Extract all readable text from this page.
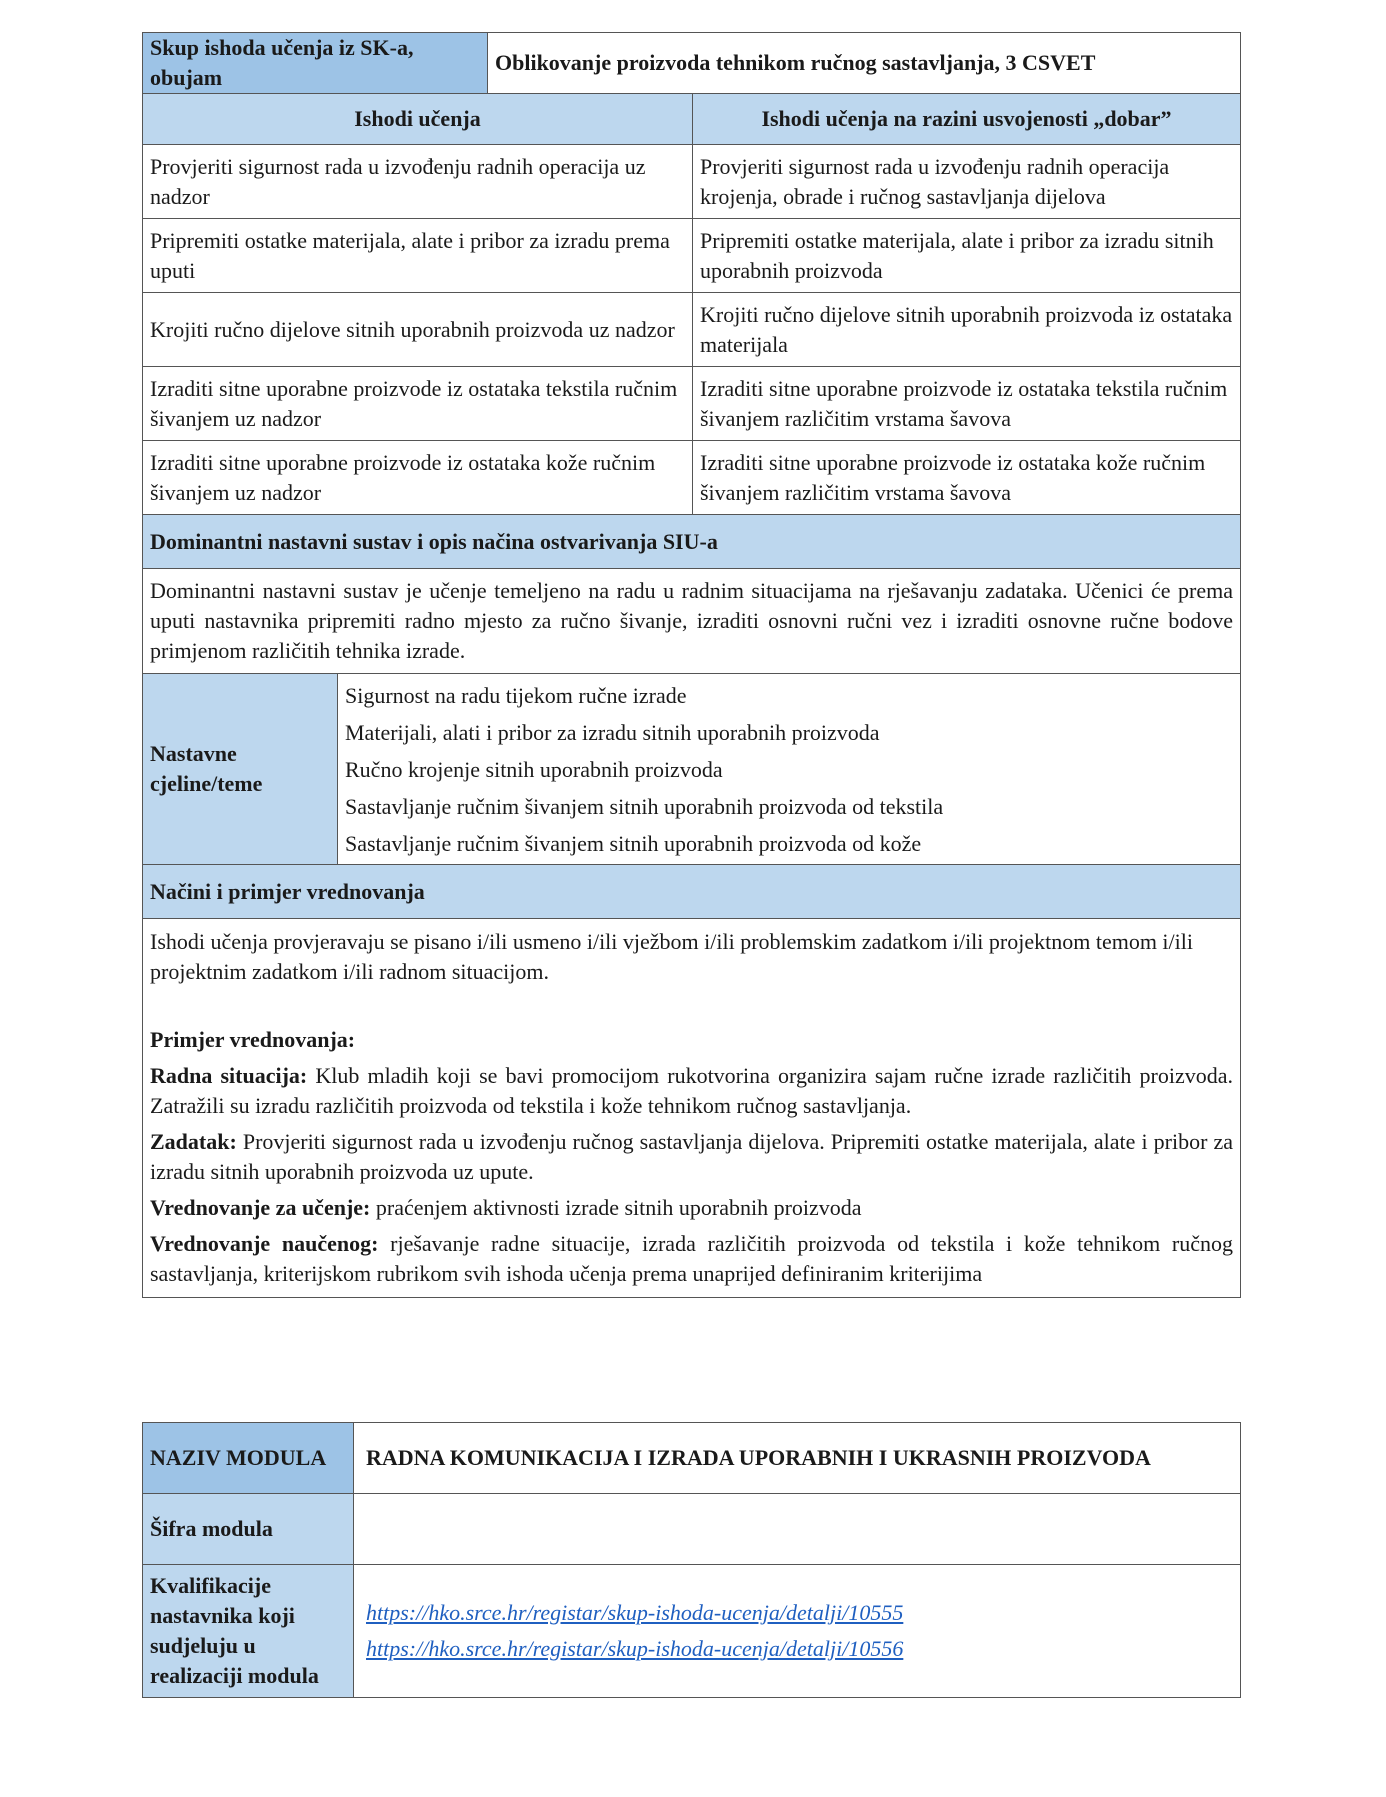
Skup ishoda učenja iz SK-a, obujam		Oblikovanje proizvoda tehnikom ručnog sastavljanja, 3 CSVET	
Ishodi učenja			Ishodi učenja na razini usvojenosti „dobar”
Provjeriti sigurnost rada u izvođenju radnih operacija uz nadzor			Provjeriti sigurnost rada u izvođenju radnih operacija krojenja, obrade i ručnog sastavljanja dijelova
Pripremiti ostatke materijala, alate i pribor za izradu prema uputi			Pripremiti ostatke materijala, alate i pribor za izradu sitnih uporabnih proizvoda
Krojiti ručno dijelove sitnih uporabnih proizvoda uz nadzor			Krojiti ručno dijelove sitnih uporabnih proizvoda iz ostataka materijala
Izraditi sitne uporabne proizvode iz ostataka tekstila ručnim šivanjem uz nadzor			Izraditi sitne uporabne proizvode iz ostataka tekstila ručnim šivanjem različitim vrstama šavova
Izraditi sitne uporabne proizvode iz ostataka kože ručnim šivanjem uz nadzor			Izraditi sitne uporabne proizvode iz ostataka kože ručnim šivanjem različitim vrstama šavova
Dominantni nastavni sustav i opis načina ostvarivanja SIU-a			
Dominantni nastavni sustav je učenje temeljeno na radu u radnim situacijama na rješavanju zadataka. Učenici će prema uputi nastavnika pripremiti radno mjesto za ručno šivanje, izraditi osnovni ručni vez i izraditi osnovne ručne bodove primjenom različitih tehnika izrade.			
Nastavne cjeline/teme	Sigurnost na radu tijekom ručne izrade
Materijali, alati i pribor za izradu sitnih uporabnih proizvoda
Ručno krojenje sitnih uporabnih proizvoda
Sastavljanje ručnim šivanjem sitnih uporabnih proizvoda od tekstila
Sastavljanje ručnim šivanjem sitnih uporabnih proizvoda od kože		

Načini i primjer vrednovanja			

Ishodi učenja provjeravaju se pisano i/ili usmeno i/ili vježbom i/ili problemskim zadatkom i/ili projektnom temom i/ili projektnim zadatkom i/ili radnom situacijom.

Primjer vrednovanja:

Radna situacija: Klub mladih koji se bavi promocijom rukotvorina organizira sajam ručne izrade različitih proizvoda. Zatražili su izradu različitih proizvoda od tekstila i kože tehnikom ručnog sastavljanja.

Zadatak: Provjeriti sigurnost rada u izvođenju ručnog sastavljanja dijelova. Pripremiti ostatke materijala, alate i pribor za izradu sitnih uporabnih proizvoda uz upute.

Vrednovanje za učenje: praćenjem aktivnosti izrade sitnih uporabnih proizvoda

Vrednovanje naučenog: rješavanje radne situacije, izrada različitih proizvoda od tekstila i kože tehnikom ručnog sastavljanja, kriterijskom rubrikom svih ishoda učenja prema unaprijed definiranim kriterijima

NAZIV MODULA	RADNA KOMUNIKACIJA I IZRADA UPORABNIH I UKRASNIH PROIZVODA
Šifra modula	
Kvalifikacije nastavnika koji sudjeluju u realizaciji modula	https://hko.srce.hr/registar/skup-ishoda-ucenja/detalji/10555
https://hko.srce.hr/registar/skup-ishoda-ucenja/detalji/10556
